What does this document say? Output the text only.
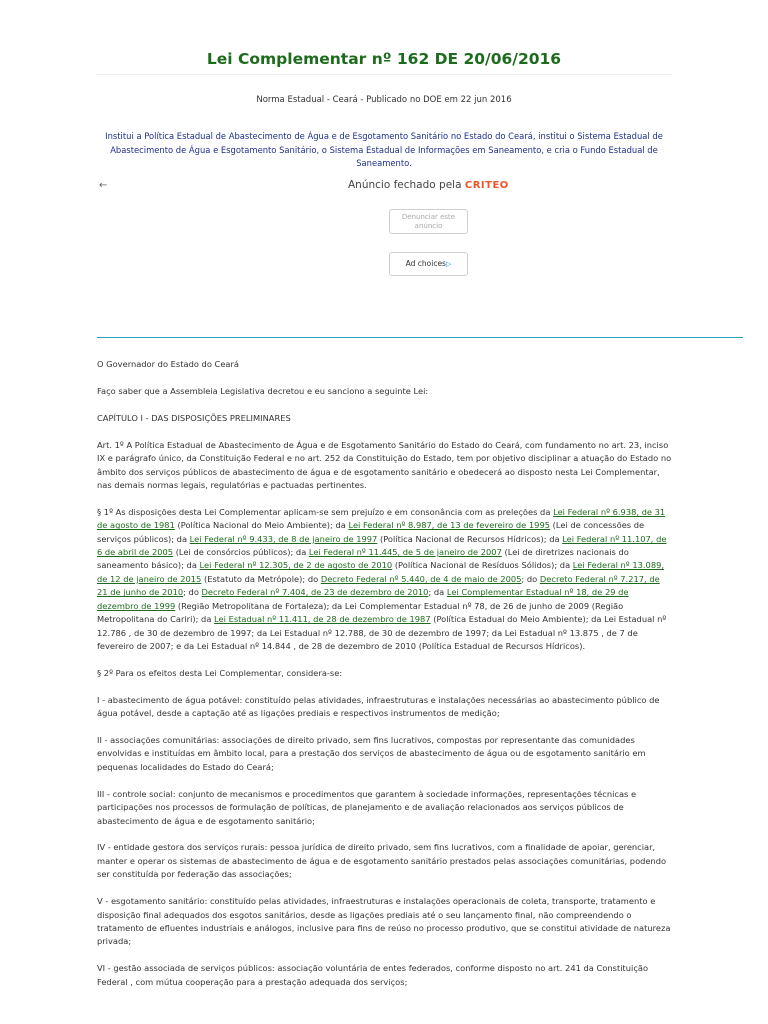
Lei Complementar nº 162 DE 20/06/2016
Norma Estadual - Ceará - Publicado no DOE em 22 jun 2016
Institui a Política Estadual de Abastecimento de Água e de Esgotamento Sanitário no Estado do Ceará, institui o Sistema Estadual de Abastecimento de Água e Esgotamento Sanitário, o Sistema Estadual de Informações em Saneamento, e cria o Fundo Estadual de Saneamento.
←	Anúncio fechado pela CRITEO
Denunciar este
anúncio
Ad choices▷

O Governador do Estado do Ceará

Faço saber que a Assembleia Legislativa decretou e eu sanciono a seguinte Lei:

CAPÍTULO I - DAS DISPOSIÇÕES PRELIMINARES

Art. 1º A Política Estadual de Abastecimento de Água e de Esgotamento Sanitário do Estado do Ceará, com fundamento no art. 23, inciso IX e parágrafo único, da Constituição Federal e no art. 252 da Constituição do Estado, tem por objetivo disciplinar a atuação do Estado no âmbito dos serviços públicos de abastecimento de água e de esgotamento sanitário e obedecerá ao disposto nesta Lei Complementar, nas demais normas legais, regulatórias e pactuadas pertinentes.

§ 1º As disposições desta Lei Complementar aplicam-se sem prejuízo e em consonância com as preleções da Lei Federal nº 6.938, de 31 de agosto de 1981 (Política Nacional do Meio Ambiente); da Lei Federal nº 8.987, de 13 de fevereiro de 1995 (Lei de concessões de serviços públicos); da Lei Federal nº 9.433, de 8 de janeiro de 1997 (Política Nacional de Recursos Hídricos); da Lei Federal nº 11.107, de 6 de abril de 2005 (Lei de consórcios públicos); da Lei Federal nº 11.445, de 5 de janeiro de 2007 (Lei de diretrizes nacionais do saneamento básico); da Lei Federal nº 12.305, de 2 de agosto de 2010 (Política Nacional de Resíduos Sólidos); da Lei Federal nº 13.089, de 12 de janeiro de 2015 (Estatuto da Metrópole); do Decreto Federal nº 5.440, de 4 de maio de 2005; do Decreto Federal nº 7.217, de 21 de junho de 2010; do Decreto Federal nº 7.404, de 23 de dezembro de 2010; da Lei Complementar Estadual nº 18, de 29 de dezembro de 1999 (Região Metropolitana de Fortaleza); da Lei Complementar Estadual nº 78, de 26 de junho de 2009 (Região Metropolitana do Cariri); da Lei Estadual nº 11.411, de 28 de dezembro de 1987 (Política Estadual do Meio Ambiente); da Lei Estadual nº 12.786 , de 30 de dezembro de 1997; da Lei Estadual nº 12.788, de 30 de dezembro de 1997; da Lei Estadual nº 13.875 , de 7 de fevereiro de 2007; e da Lei Estadual nº 14.844 , de 28 de dezembro de 2010 (Política Estadual de Recursos Hídricos).

§ 2º Para os efeitos desta Lei Complementar, considera-se:

I - abastecimento de água potável: constituído pelas atividades, infraestruturas e instalações necessárias ao abastecimento público de água potável, desde a captação até as ligações prediais e respectivos instrumentos de medição;

II - associações comunitárias: associações de direito privado, sem fins lucrativos, compostas por representante das comunidades envolvidas e instituídas em âmbito local, para a prestação dos serviços de abastecimento de água ou de esgotamento sanitário em pequenas localidades do Estado do Ceará;

III - controle social: conjunto de mecanismos e procedimentos que garantem à sociedade informações, representações técnicas e participações nos processos de formulação de políticas, de planejamento e de avaliação relacionados aos serviços públicos de abastecimento de água e de esgotamento sanitário;

IV - entidade gestora dos serviços rurais: pessoa jurídica de direito privado, sem fins lucrativos, com a finalidade de apoiar, gerenciar, manter e operar os sistemas de abastecimento de água e de esgotamento sanitário prestados pelas associações comunitárias, podendo ser constituída por federação das associações;

V - esgotamento sanitário: constituído pelas atividades, infraestruturas e instalações operacionais de coleta, transporte, tratamento e disposição final adequados dos esgotos sanitários, desde as ligações prediais até o seu lançamento final, não compreendendo o tratamento de efluentes industriais e análogos, inclusive para fins de reúso no processo produtivo, que se constitui atividade de natureza privada;

VI - gestão associada de serviços públicos: associação voluntária de entes federados, conforme disposto no art. 241 da Constituição Federal , com mútua cooperação para a prestação adequada dos serviços;
